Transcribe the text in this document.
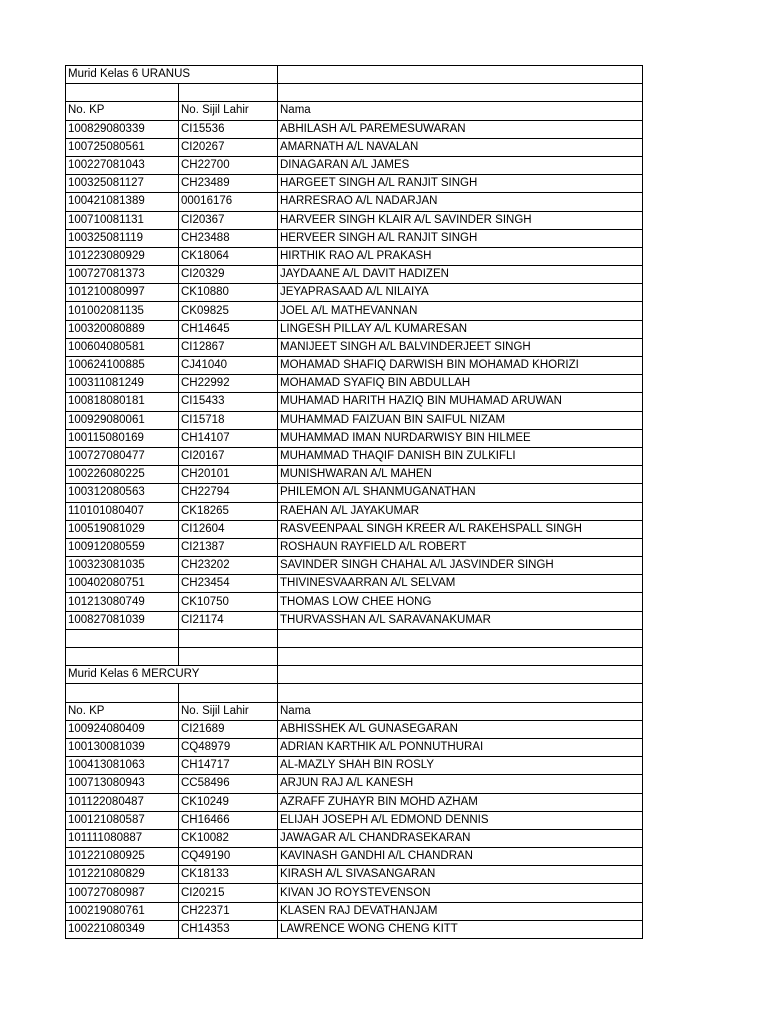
Murid Kelas 6 URANUS		

No. KP	No. Sijil Lahir	Nama
100829080339	CI15536	ABHILASH A/L PAREMESUWARAN
100725080561	CI20267	AMARNATH A/L NAVALAN
100227081043	CH22700	DINAGARAN A/L JAMES
100325081127	CH23489	HARGEET SINGH A/L RANJIT SINGH
100421081389	00016176	HARRESRAO A/L NADARJAN
100710081131	CI20367	HARVEER SINGH KLAIR A/L SAVINDER SINGH
100325081119	CH23488	HERVEER SINGH A/L RANJIT SINGH
101223080929	CK18064	HIRTHIK RAO A/L PRAKASH
100727081373	CI20329	JAYDAANE A/L DAVIT HADIZEN
101210080997	CK10880	JEYAPRASAAD A/L NILAIYA
101002081135	CK09825	JOEL A/L MATHEVANNAN
100320080889	CH14645	LINGESH PILLAY A/L KUMARESAN
100604080581	CI12867	MANIJEET SINGH A/L BALVINDERJEET SINGH
100624100885	CJ41040	MOHAMAD SHAFIQ DARWISH BIN MOHAMAD KHORIZI
100311081249	CH22992	MOHAMAD SYAFIQ BIN ABDULLAH
100818080181	CI15433	MUHAMAD HARITH HAZIQ BIN MUHAMAD ARUWAN
100929080061	CI15718	MUHAMMAD FAIZUAN BIN SAIFUL NIZAM
100115080169	CH14107	MUHAMMAD IMAN NURDARWISY BIN HILMEE
100727080477	CI20167	MUHAMMAD THAQIF DANISH BIN ZULKIFLI
100226080225	CH20101	MUNISHWARAN A/L MAHEN
100312080563	CH22794	PHILEMON A/L SHANMUGANATHAN
110101080407	CK18265	RAEHAN A/L JAYAKUMAR
100519081029	CI12604	RASVEENPAAL SINGH KREER A/L RAKEHSPALL SINGH
100912080559	CI21387	ROSHAUN RAYFIELD A/L ROBERT
100323081035	CH23202	SAVINDER SINGH CHAHAL A/L JASVINDER SINGH
100402080751	CH23454	THIVINESVAARRAN A/L SELVAM
101213080749	CK10750	THOMAS LOW CHEE HONG
100827081039	CI21174	THURVASSHAN A/L SARAVANAKUMAR

Murid Kelas 6 MERCURY		

No. KP	No. Sijil Lahir	Nama
100924080409	CI21689	ABHISSHEK A/L GUNASEGARAN
100130081039	CQ48979	ADRIAN KARTHIK A/L PONNUTHURAI
100413081063	CH14717	AL-MAZLY SHAH BIN ROSLY
100713080943	CC58496	ARJUN RAJ A/L KANESH
101122080487	CK10249	AZRAFF ZUHAYR BIN MOHD AZHAM
100121080587	CH16466	ELIJAH JOSEPH A/L EDMOND DENNIS
101111080887	CK10082	JAWAGAR A/L CHANDRASEKARAN
101221080925	CQ49190	KAVINASH GANDHI A/L CHANDRAN
101221080829	CK18133	KIRASH A/L SIVASANGARAN
100727080987	CI20215	KIVAN JO ROYSTEVENSON
100219080761	CH22371	KLASEN RAJ DEVATHANJAM
100221080349	CH14353	LAWRENCE WONG CHENG KITT
